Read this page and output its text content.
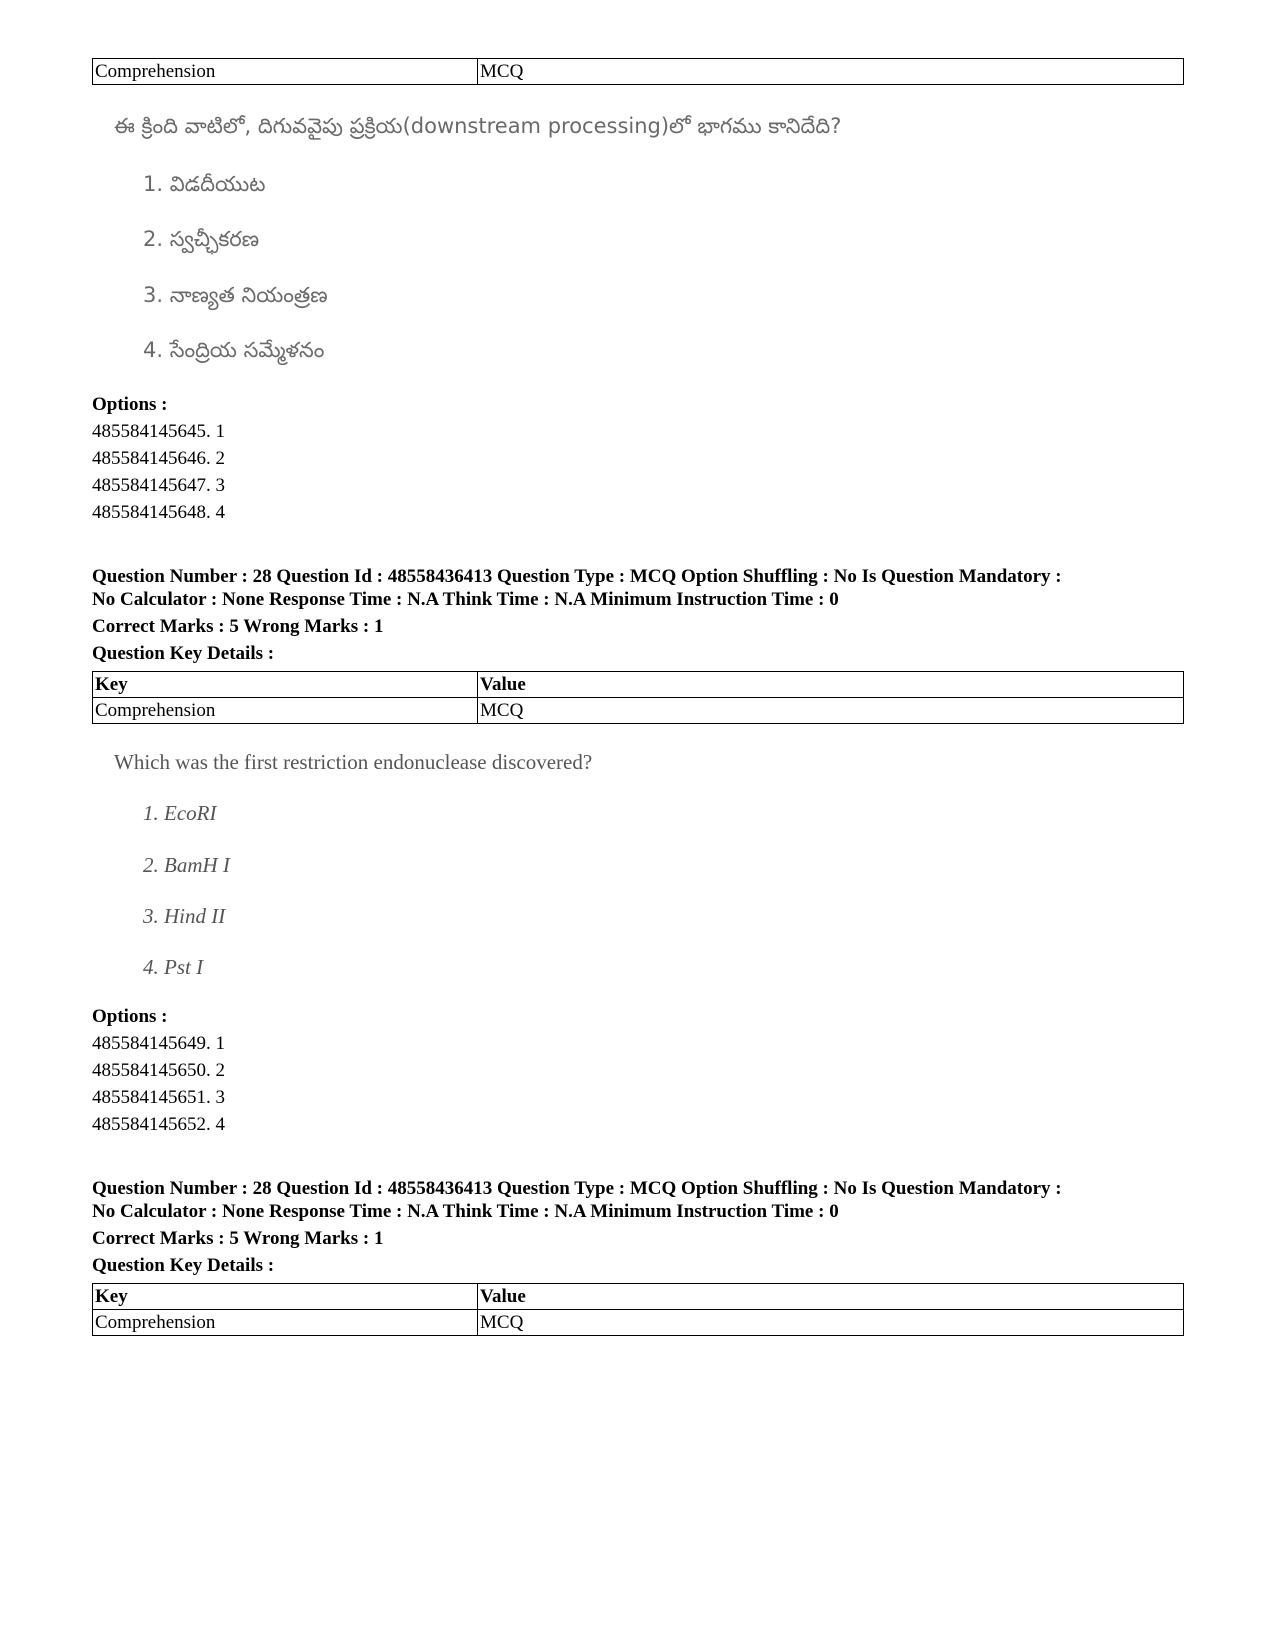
Comprehension	MCQ
ఈ క్రింది వాటిలో, దిగువవైపు ప్రక్రియ(downstream processing)లో భాగము కానిదేది?
1. విడదీయుట
2. స్వచ్ఛీకరణ
3. నాణ్యత నియంత్రణ
4. సేంద్రియ సమ్మేళనం
Options :
485584145645. 1
485584145646. 2
485584145647. 3
485584145648. 4
Question Number : 28 Question Id : 48558436413 Question Type : MCQ Option Shuffling : No Is Question Mandatory :
No Calculator : None Response Time : N.A Think Time : N.A Minimum Instruction Time : 0
Correct Marks : 5 Wrong Marks : 1
Question Key Details :
Key	Value
Comprehension	MCQ
Which was the first restriction endonuclease discovered?
1. EcoRI
2. BamH I
3. Hind II
4. Pst I
Options :
485584145649. 1
485584145650. 2
485584145651. 3
485584145652. 4
Question Number : 28 Question Id : 48558436413 Question Type : MCQ Option Shuffling : No Is Question Mandatory :
No Calculator : None Response Time : N.A Think Time : N.A Minimum Instruction Time : 0
Correct Marks : 5 Wrong Marks : 1
Question Key Details :
Key	Value
Comprehension	MCQ
